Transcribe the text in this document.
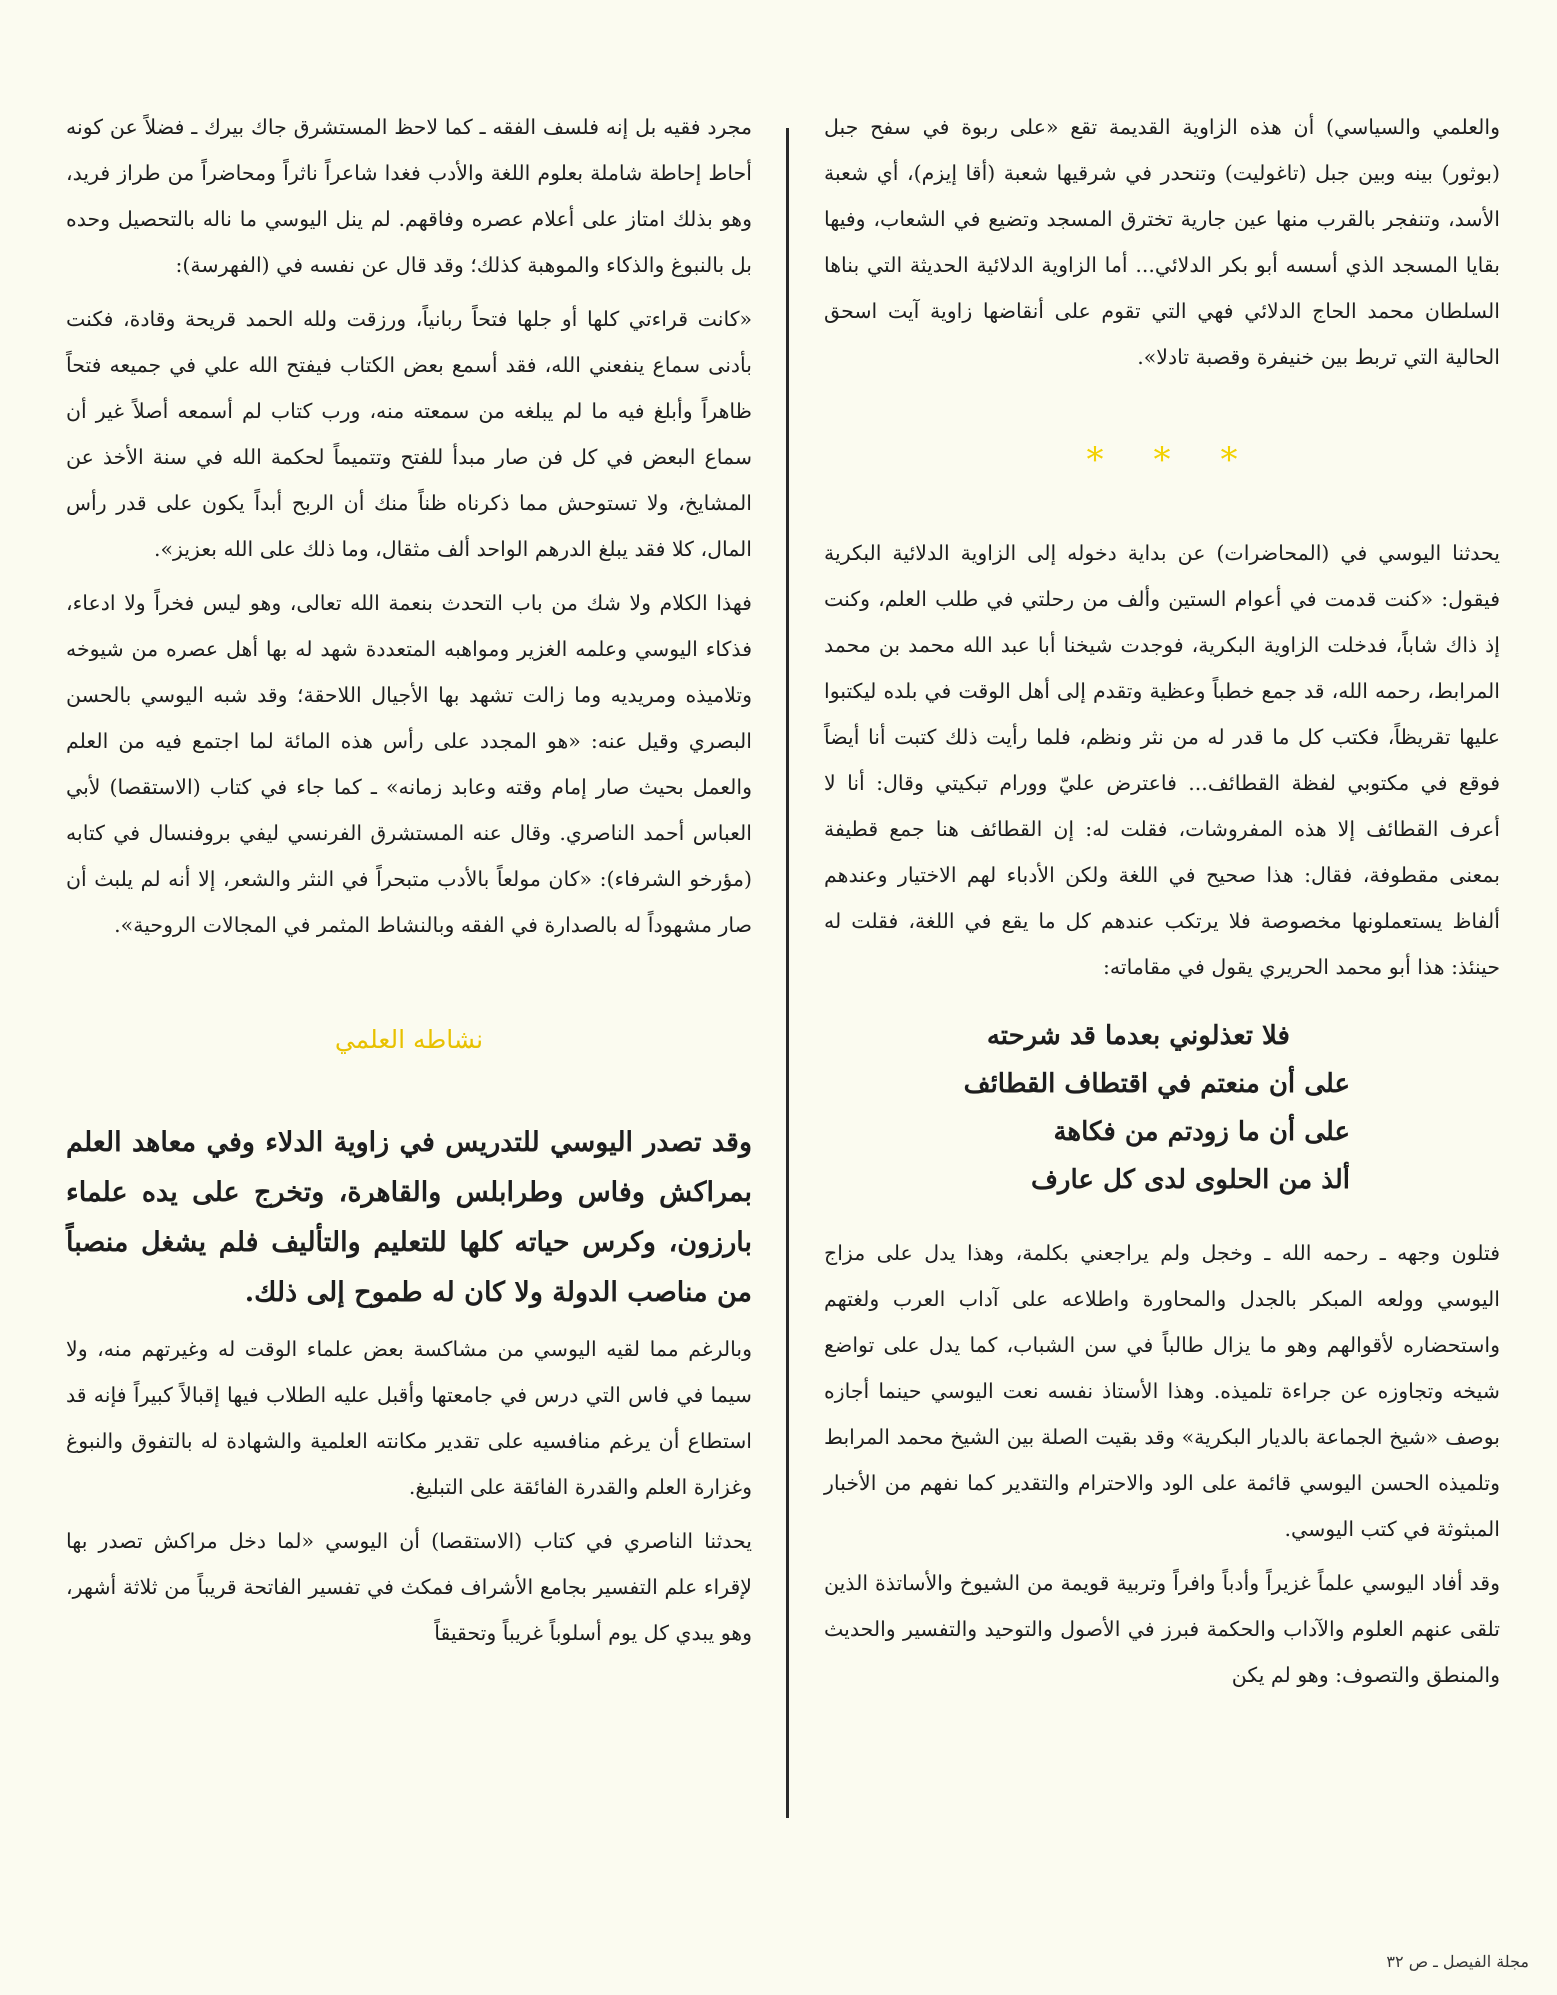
والعلمي والسياسي) أن هذه الزاوية القديمة تقع «على ربوة في سفح جبل (بوثور) بينه وبين جبل (تاغوليت) وتنحدر في شرقيها شعبة (أقا إيزم)، أي شعبة الأسد، وتنفجر بالقرب منها عين جارية تخترق المسجد وتضيع في الشعاب، وفيها بقايا المسجد الذي أسسه أبو بكر الدلائي... أما الزاوية الدلائية الحديثة التي بناها السلطان محمد الحاج الدلائي فهي التي تقوم على أنقاضها زاوية آيت اسحق الحالية التي تربط بين خنيفرة وقصبة تادلا».

*
*
*

يحدثنا اليوسي في (المحاضرات) عن بداية دخوله إلى الزاوية الدلائية البكرية فيقول: «كنت قدمت في أعوام الستين وألف من رحلتي في طلب العلم، وكنت إذ ذاك شاباً، فدخلت الزاوية البكرية، فوجدت شيخنا أبا عبد الله محمد بن محمد المرابط، رحمه الله، قد جمع خطباً وعظية وتقدم إلى أهل الوقت في بلده ليكتبوا عليها تقريظاً، فكتب كل ما قدر له من نثر ونظم، فلما رأيت ذلك كتبت أنا أيضاً فوقع في مكتوبي لفظة القطائف... فاعترض عليّ وورام تبكيتي وقال: أنا لا أعرف القطائف إلا هذه المفروشات، فقلت له: إن القطائف هنا جمع قطيفة بمعنى مقطوفة، فقال: هذا صحيح في اللغة ولكن الأدباء لهم الاختيار وعندهم ألفاظ يستعملونها مخصوصة فلا يرتكب عندهم كل ما يقع في اللغة، فقلت له حينئذ: هذا أبو محمد الحريري يقول في مقاماته:

فلا تعذلوني بعدما قد شرحته
على أن منعتم في اقتطاف القطائف
على أن ما زودتم من فكاهة
ألذ من الحلوى لدى كل عارف

فتلون وجهه ـ رحمه الله ـ وخجل ولم يراجعني بكلمة، وهذا يدل على مزاج اليوسي وولعه المبكر بالجدل والمحاورة واطلاعه على آداب العرب ولغتهم واستحضاره لأقوالهم وهو ما يزال طالباً في سن الشباب، كما يدل على تواضع شيخه وتجاوزه عن جراءة تلميذه. وهذا الأستاذ نفسه نعت اليوسي حينما أجازه بوصف «شيخ الجماعة بالديار البكرية» وقد بقيت الصلة بين الشيخ محمد المرابط وتلميذه الحسن اليوسي قائمة على الود والاحترام والتقدير كما نفهم من الأخبار المبثوثة في كتب اليوسي.

وقد أفاد اليوسي علماً غزيراً وأدباً وافراً وتربية قويمة من الشيوخ والأساتذة الذين تلقى عنهم العلوم والآداب والحكمة فبرز في الأصول والتوحيد والتفسير والحديث والمنطق والتصوف: وهو لم يكن

مجرد فقيه بل إنه فلسف الفقه ـ كما لاحظ المستشرق جاك بيرك ـ فضلاً عن كونه أحاط إحاطة شاملة بعلوم اللغة والأدب فغدا شاعراً ناثراً ومحاضراً من طراز فريد، وهو بذلك امتاز على أعلام عصره وفاقهم. لم ينل اليوسي ما ناله بالتحصيل وحده بل بالنبوغ والذكاء والموهبة كذلك؛ وقد قال عن نفسه في (الفهرسة):

«كانت قراءتي كلها أو جلها فتحاً ربانياً، ورزقت ولله الحمد قريحة وقادة، فكنت بأدنى سماع ينفعني الله، فقد أسمع بعض الكتاب فيفتح الله علي في جميعه فتحاً ظاهراً وأبلغ فيه ما لم يبلغه من سمعته منه، ورب كتاب لم أسمعه أصلاً غير أن سماع البعض في كل فن صار مبدأ للفتح وتتميماً لحكمة الله في سنة الأخذ عن المشايخ، ولا تستوحش مما ذكرناه ظناً منك أن الربح أبداً يكون على قدر رأس المال، كلا فقد يبلغ الدرهم الواحد ألف مثقال، وما ذلك على الله بعزيز».

فهذا الكلام ولا شك من باب التحدث بنعمة الله تعالى، وهو ليس فخراً ولا ادعاء، فذكاء اليوسي وعلمه الغزير ومواهبه المتعددة شهد له بها أهل عصره من شيوخه وتلاميذه ومريديه وما زالت تشهد بها الأجيال اللاحقة؛ وقد شبه اليوسي بالحسن البصري وقيل عنه: «هو المجدد على رأس هذه المائة لما اجتمع فيه من العلم والعمل بحيث صار إمام وقته وعابد زمانه» ـ كما جاء في كتاب (الاستقصا) لأبي العباس أحمد الناصري. وقال عنه المستشرق الفرنسي ليفي بروفنسال في كتابه (مؤرخو الشرفاء): «كان مولعاً بالأدب متبحراً في النثر والشعر، إلا أنه لم يلبث أن صار مشهوداً له بالصدارة في الفقه وبالنشاط المثمر في المجالات الروحية».

نشاطه العلمي

وقد تصدر اليوسي للتدريس في زاوية الدلاء وفي معاهد العلم بمراكش وفاس وطرابلس والقاهرة، وتخرج على يده علماء بارزون، وكرس حياته كلها للتعليم والتأليف فلم يشغل منصباً من مناصب الدولة ولا كان له طموح إلى ذلك.

وبالرغم مما لقيه اليوسي من مشاكسة بعض علماء الوقت له وغيرتهم منه، ولا سيما في فاس التي درس في جامعتها وأقبل عليه الطلاب فيها إقبالاً كبيراً فإنه قد استطاع أن يرغم منافسيه على تقدير مكانته العلمية والشهادة له بالتفوق والنبوغ وغزارة العلم والقدرة الفائقة على التبليغ.

يحدثنا الناصري في كتاب (الاستقصا) أن اليوسي «لما دخل مراكش تصدر بها لإقراء علم التفسير بجامع الأشراف فمكث في تفسير الفاتحة قريباً من ثلاثة أشهر، وهو يبدي كل يوم أسلوباً غريباً وتحقيقاً

مجلة الفيصل ـ ص ٣٢
